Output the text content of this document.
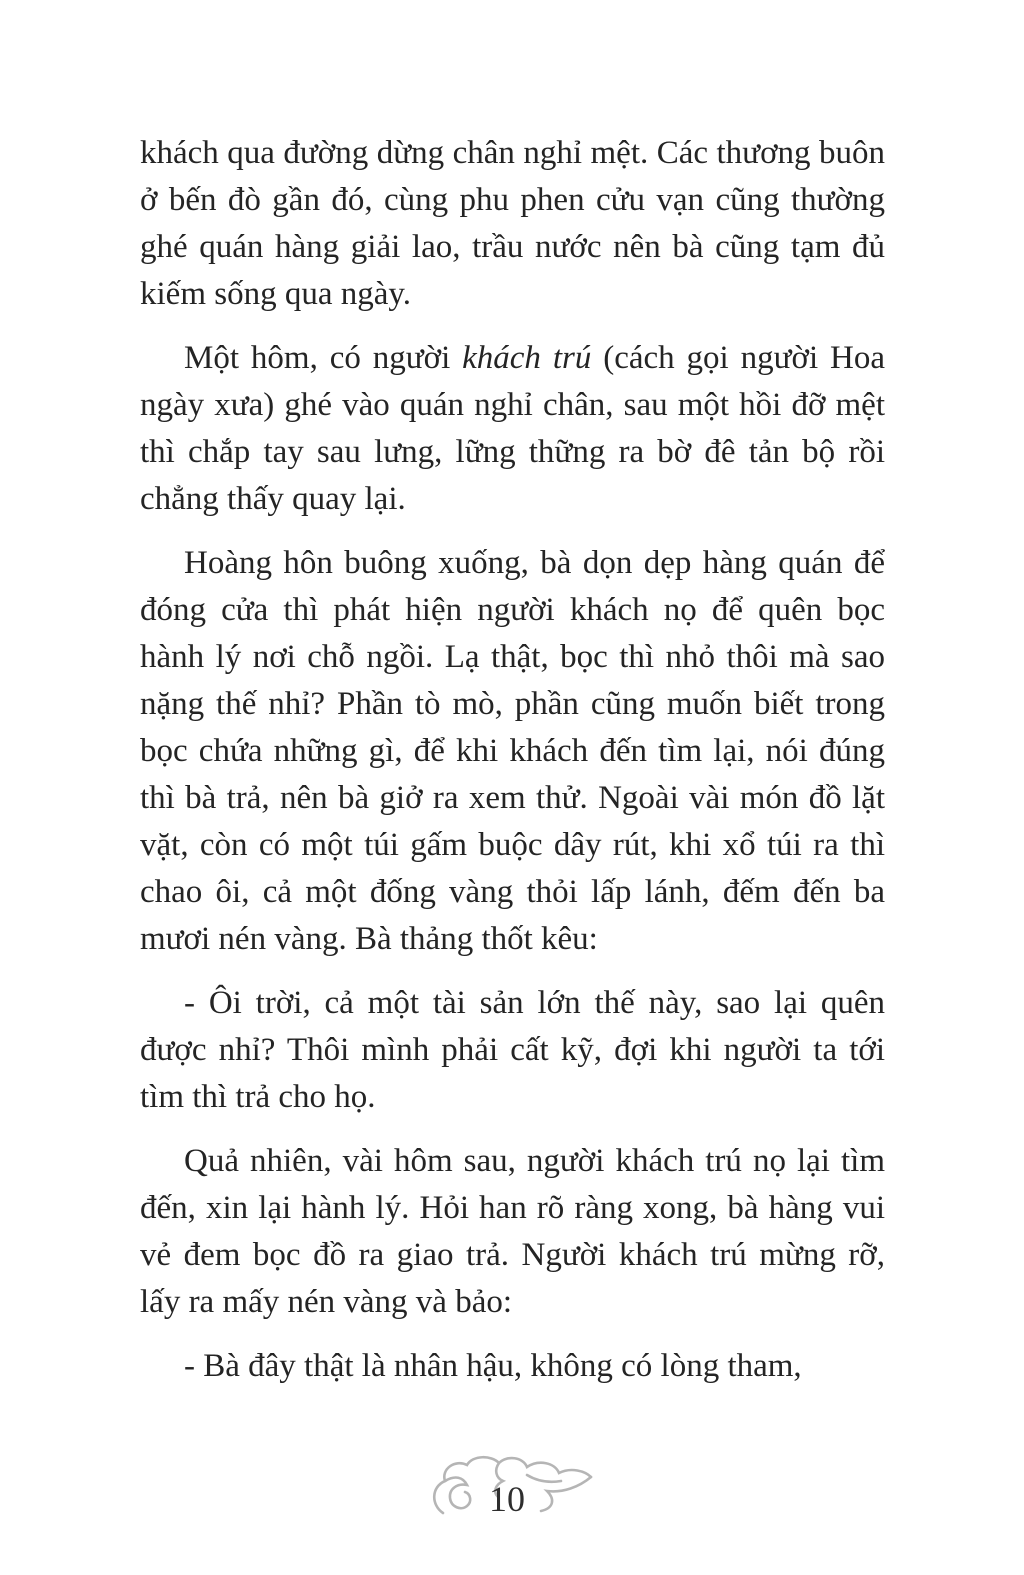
khách qua đường dừng chân nghỉ mệt. Các thương buôn ở bến đò gần đó, cùng phu phen cửu vạn cũng thường ghé quán hàng giải lao, trầu nước nên bà cũng tạm đủ kiếm sống qua ngày.

Một hôm, có người khách trú (cách gọi người Hoa ngày xưa) ghé vào quán nghỉ chân, sau một hồi đỡ mệt thì chắp tay sau lưng, lững thững ra bờ đê tản bộ rồi chẳng thấy quay lại.

Hoàng hôn buông xuống, bà dọn dẹp hàng quán để đóng cửa thì phát hiện người khách nọ để quên bọc hành lý nơi chỗ ngồi. Lạ thật, bọc thì nhỏ thôi mà sao nặng thế nhỉ? Phần tò mò, phần cũng muốn biết trong bọc chứa những gì, để khi khách đến tìm lại, nói đúng thì bà trả, nên bà giở ra xem thử. Ngoài vài món đồ lặt vặt, còn có một túi gấm buộc dây rút, khi xổ túi ra thì chao ôi, cả một đống vàng thỏi lấp lánh, đếm đến ba mươi nén vàng. Bà thảng thốt kêu:

- Ôi trời, cả một tài sản lớn thế này, sao lại quên được nhỉ? Thôi mình phải cất kỹ, đợi khi người ta tới tìm thì trả cho họ.

Quả nhiên, vài hôm sau, người khách trú nọ lại tìm đến, xin lại hành lý. Hỏi han rõ ràng xong, bà hàng vui vẻ đem bọc đồ ra giao trả. Người khách trú mừng rỡ, lấy ra mấy nén vàng và bảo:

- Bà đây thật là nhân hậu, không có lòng tham,

10
